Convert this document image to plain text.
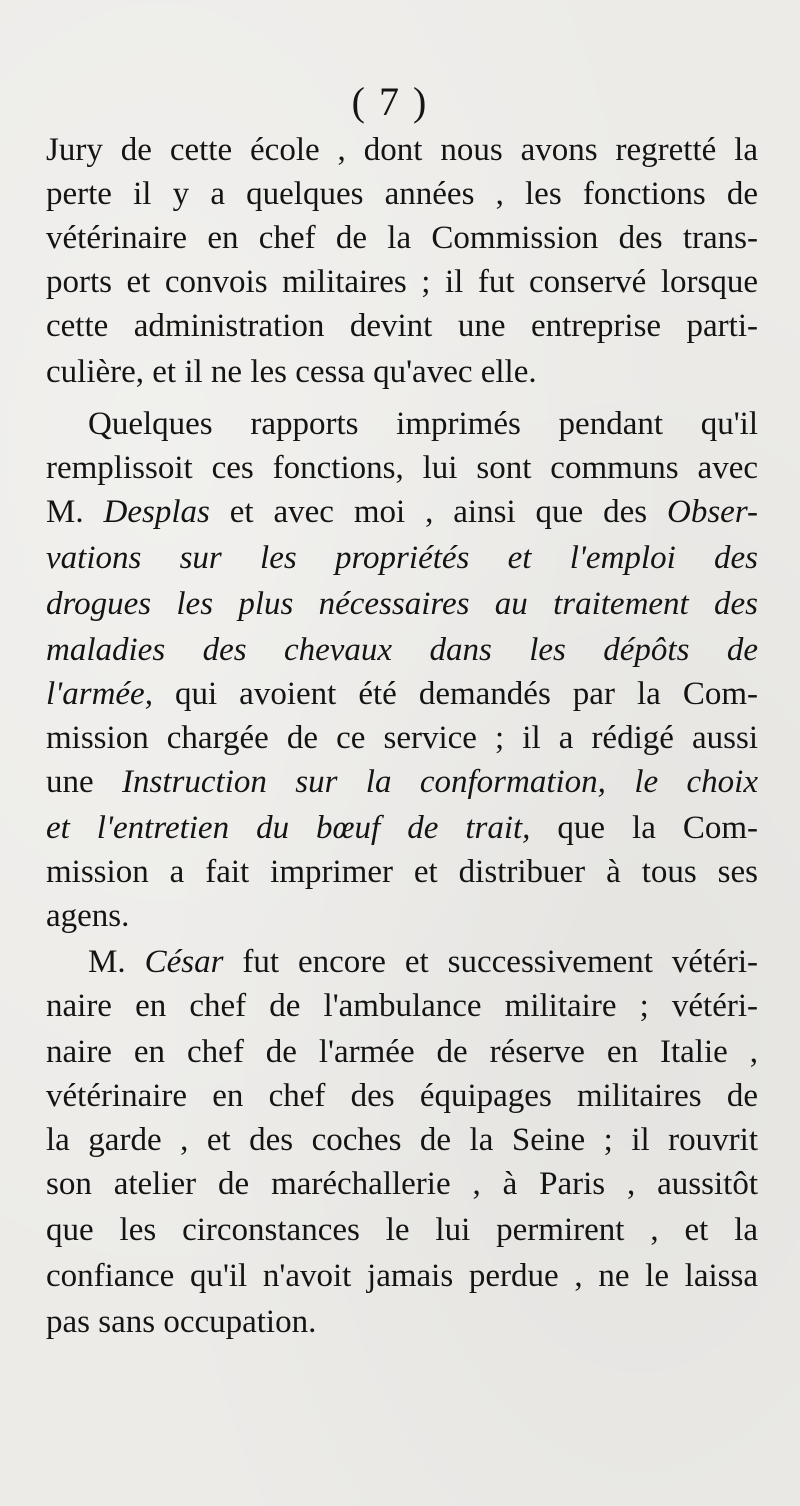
( 7 )
Jury de cette école , dont nous avons regretté la
perte il y a quelques années , les fonctions de
vétérinaire en chef de la Commission des trans-
ports et convois militaires ; il fut conservé lorsque
cette administration devint une entreprise parti-
culière, et il ne les cessa qu'avec elle.
Quelques rapports imprimés pendant qu'il
remplissoit ces fonctions, lui sont communs avec
M. Desplas et avec moi , ainsi que des Obser-
vations sur les propriétés et l'emploi des
drogues les plus nécessaires au traitement des
maladies des chevaux dans les dépôts de
l'armée, qui avoient été demandés par la Com-
mission chargée de ce service ; il a rédigé aussi
une Instruction sur la conformation, le choix
et l'entretien du bœuf de trait, que la Com-
mission a fait imprimer et distribuer à tous ses
agens.
M. César fut encore et successivement vétéri-
naire en chef de l'ambulance militaire ; vétéri-
naire en chef de l'armée de réserve en Italie ,
vétérinaire en chef des équipages militaires de
la garde , et des coches de la Seine ; il rouvrit
son atelier de maréchallerie , à Paris , aussitôt
que les circonstances le lui permirent , et la
confiance qu'il n'avoit jamais perdue , ne le laissa
pas sans occupation.
